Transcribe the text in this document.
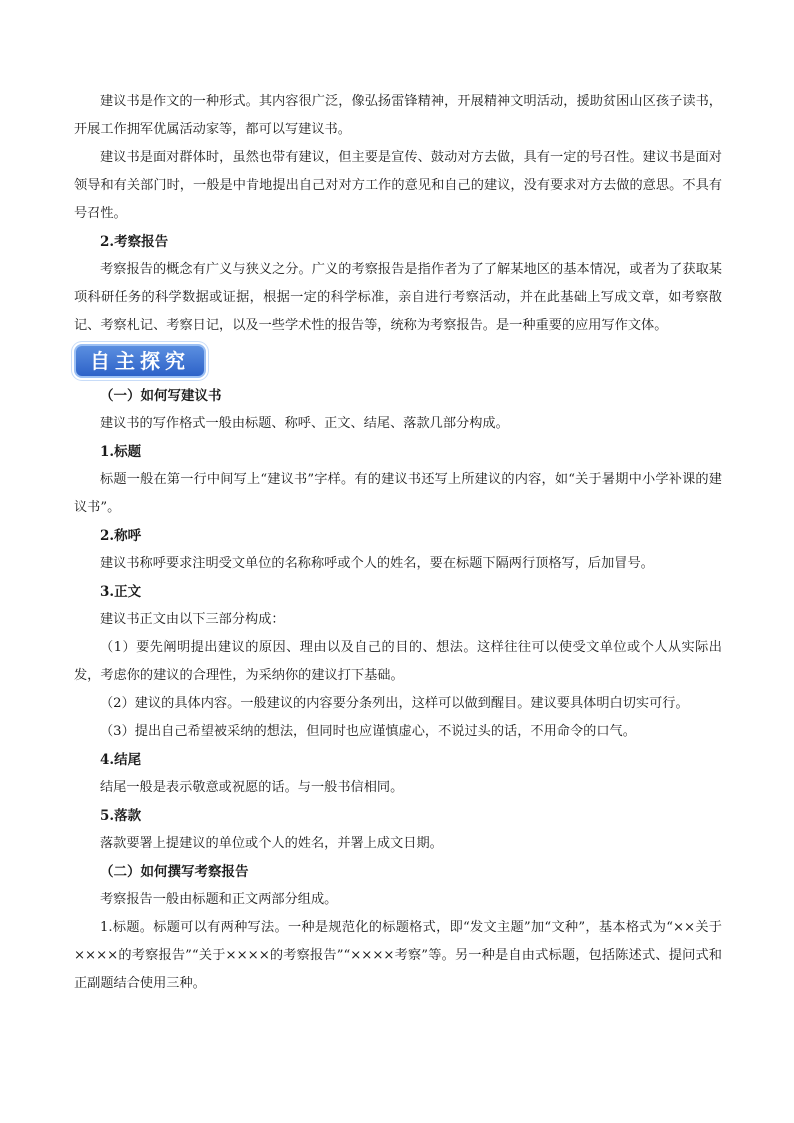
建议书是作文的一种形式。其内容很广泛，像弘扬雷锋精神，开展精神文明活动，援助贫困山区孩子读书，开展工作拥军优属活动家等，都可以写建议书。

建议书是面对群体时，虽然也带有建议，但主要是宣传、鼓动对方去做，具有一定的号召性。建议书是面对领导和有关部门时，一般是中肯地提出自己对对方工作的意见和自己的建议，没有要求对方去做的意思。不具有号召性。

2.考察报告

考察报告的概念有广义与狭义之分。广义的考察报告是指作者为了了解某地区的基本情况，或者为了获取某项科研任务的科学数据或证据，根据一定的科学标准，亲自进行考察活动，并在此基础上写成文章，如考察散记、考察札记、考察日记，以及一些学术性的报告等，统称为考察报告。是一种重要的应用写作文体。

自主探究

（一）如何写建议书

建议书的写作格式一般由标题、称呼、正文、结尾、落款几部分构成。

1.标题

标题一般在第一行中间写上“建议书”字样。有的建议书还写上所建议的内容，如“关于暑期中小学补课的建议书”。

2.称呼

建议书称呼要求注明受文单位的名称称呼或个人的姓名，要在标题下隔两行顶格写，后加冒号。

3.正文

建议书正文由以下三部分构成：

（1）要先阐明提出建议的原因、理由以及自己的目的、想法。这样往往可以使受文单位或个人从实际出发，考虑你的建议的合理性，为采纳你的建议打下基础。

（2）建议的具体内容。一般建议的内容要分条列出，这样可以做到醒目。建议要具体明白切实可行。

（3）提出自己希望被采纳的想法，但同时也应谨慎虚心，不说过头的话，不用命令的口气。

4.结尾

结尾一般是表示敬意或祝愿的话。与一般书信相同。

5.落款

落款要署上提建议的单位或个人的姓名，并署上成文日期。

（二）如何撰写考察报告

考察报告一般由标题和正文两部分组成。

1.标题。标题可以有两种写法。一种是规范化的标题格式，即“发文主题”加“文种”，基本格式为“××关于××××的考察报告”“关于××××的考察报告”“××××考察”等。另一种是自由式标题，包括陈述式、提问式和正副题结合使用三种。
